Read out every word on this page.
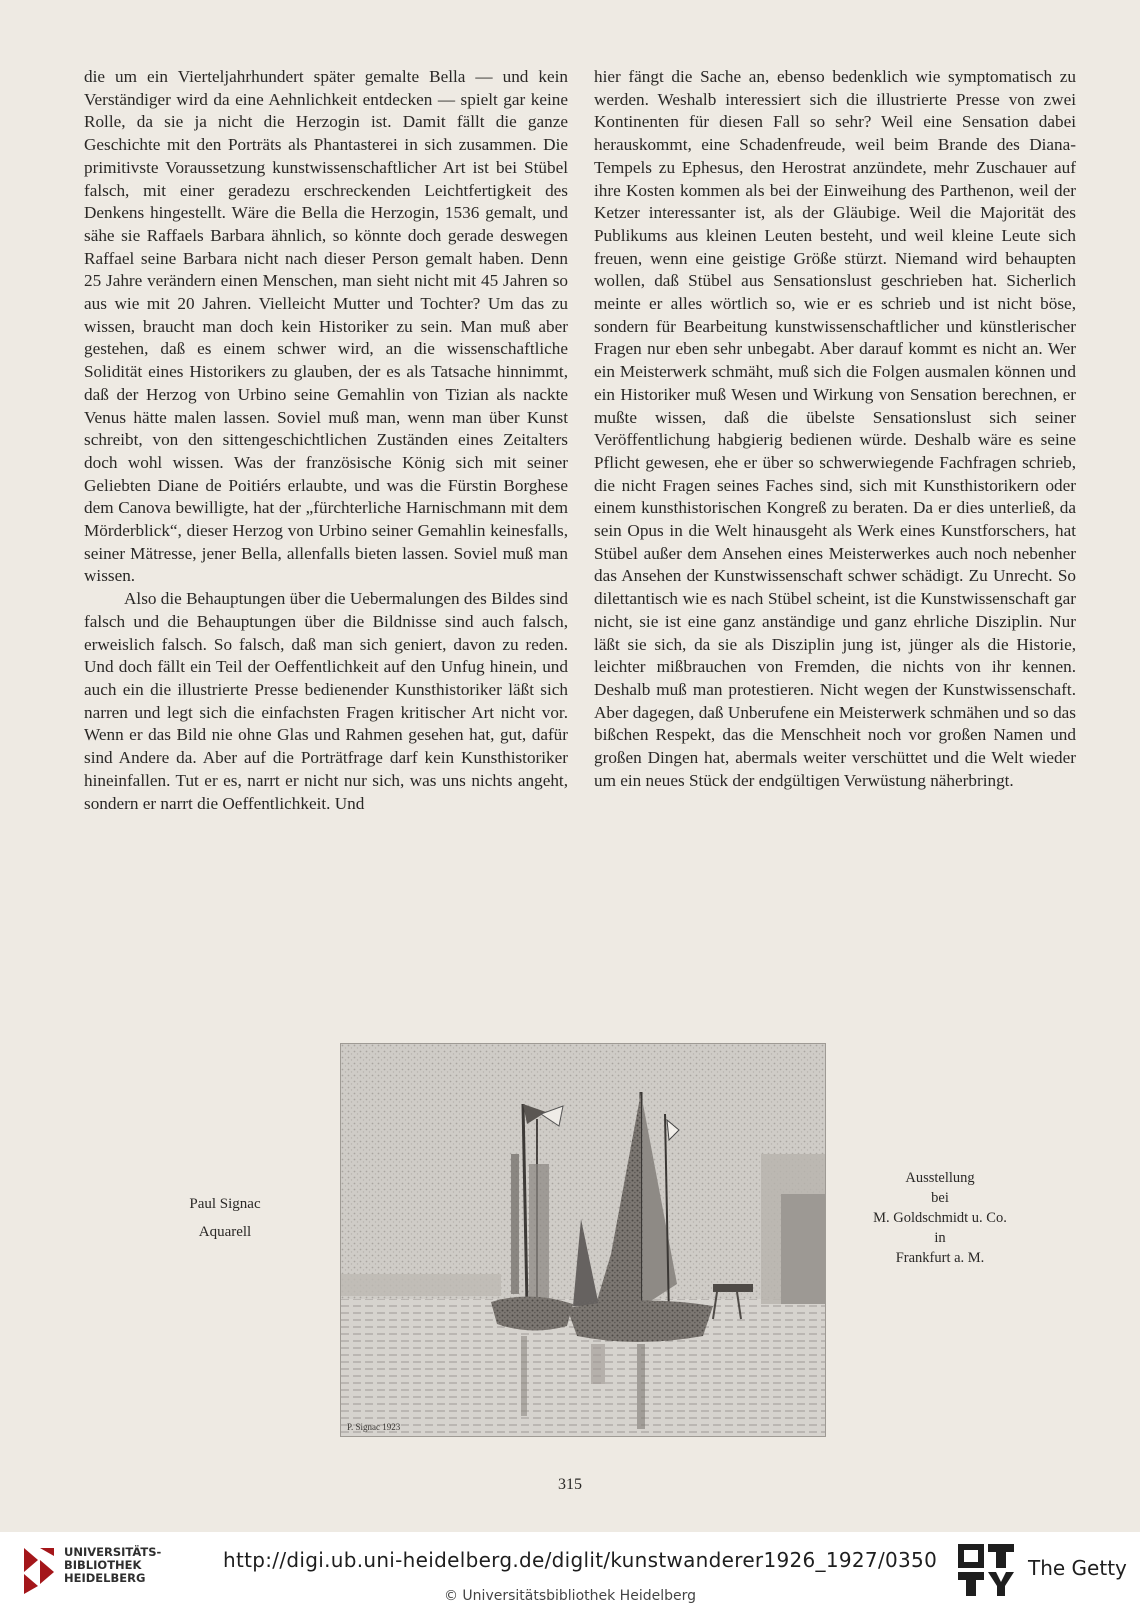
die um ein Vierteljahrhundert später gemalte Bella — und kein Verständiger wird da eine Aehnlichkeit entdecken — spielt gar keine Rolle, da sie ja nicht die Herzogin ist. Damit fällt die ganze Geschichte mit den Porträts als Phantasterei in sich zusammen. Die primitivste Voraussetzung kunstwissenschaftlicher Art ist bei Stübel falsch, mit einer geradezu erschreckenden Leichtfertigkeit des Denkens hingestellt. Wäre die Bella die Herzogin, 1536 gemalt, und sähe sie Raffaels Barbara ähnlich, so könnte doch gerade deswegen Raffael seine Barbara nicht nach dieser Person gemalt haben. Denn 25 Jahre verändern einen Menschen, man sieht nicht mit 45 Jahren so aus wie mit 20 Jahren. Vielleicht Mutter und Tochter? Um das zu wissen, braucht man doch kein Historiker zu sein. Man muß aber gestehen, daß es einem schwer wird, an die wissenschaftliche Solidität eines Historikers zu glauben, der es als Tatsache hinnimmt, daß der Herzog von Urbino seine Gemahlin von Tizian als nackte Venus hätte malen lassen. Soviel muß man, wenn man über Kunst schreibt, von den sittengeschichtlichen Zuständen eines Zeitalters doch wohl wissen. Was der französische König sich mit seiner Geliebten Diane de Poitiérs erlaubte, und was die Fürstin Borghese dem Canova bewilligte, hat der „fürchterliche Harnischmann mit dem Mörderblick“, dieser Herzog von Urbino seiner Gemahlin keinesfalls, seiner Mätresse, jener Bella, allenfalls bieten lassen. Soviel muß man wissen.

Also die Behauptungen über die Uebermalungen des Bildes sind falsch und die Behauptungen über die Bildnisse sind auch falsch, erweislich falsch. So falsch, daß man sich geniert, davon zu reden. Und doch fällt ein Teil der Oeffentlichkeit auf den Unfug hinein, und auch ein die illustrierte Presse bedienender Kunsthistoriker läßt sich narren und legt sich die einfachsten Fragen kritischer Art nicht vor. Wenn er das Bild nie ohne Glas und Rahmen gesehen hat, gut, dafür sind Andere da. Aber auf die Porträtfrage darf kein Kunsthistoriker hineinfallen. Tut er es, narrt er nicht nur sich, was uns nichts angeht, sondern er narrt die Oeffentlichkeit. Und

hier fängt die Sache an, ebenso bedenklich wie symptomatisch zu werden. Weshalb interessiert sich die illustrierte Presse von zwei Kontinenten für diesen Fall so sehr? Weil eine Sensation dabei herauskommt, eine Schadenfreude, weil beim Brande des Diana-Tempels zu Ephesus, den Herostrat anzündete, mehr Zuschauer auf ihre Kosten kommen als bei der Einweihung des Parthenon, weil der Ketzer interessanter ist, als der Gläubige. Weil die Majorität des Publikums aus kleinen Leuten besteht, und weil kleine Leute sich freuen, wenn eine geistige Größe stürzt. Niemand wird behaupten wollen, daß Stübel aus Sensationslust geschrieben hat. Sicherlich meinte er alles wörtlich so, wie er es schrieb und ist nicht böse, sondern für Bearbeitung kunstwissenschaftlicher und künstlerischer Fragen nur eben sehr unbegabt. Aber darauf kommt es nicht an. Wer ein Meisterwerk schmäht, muß sich die Folgen ausmalen können und ein Historiker muß Wesen und Wirkung von Sensation berechnen, er mußte wissen, daß die übelste Sensationslust sich seiner Veröffentlichung habgierig bedienen würde. Deshalb wäre es seine Pflicht gewesen, ehe er über so schwerwiegende Fachfragen schrieb, die nicht Fragen seines Faches sind, sich mit Kunsthistorikern oder einem kunsthistorischen Kongreß zu beraten. Da er dies unterließ, da sein Opus in die Welt hinausgeht als Werk eines Kunstforschers, hat Stübel außer dem Ansehen eines Meisterwerkes auch noch nebenher das Ansehen der Kunstwissenschaft schwer schädigt. Zu Unrecht. So dilettantisch wie es nach Stübel scheint, ist die Kunstwissenschaft gar nicht, sie ist eine ganz anständige und ganz ehrliche Disziplin. Nur läßt sie sich, da sie als Disziplin jung ist, jünger als die Historie, leichter mißbrauchen von Fremden, die nichts von ihr kennen. Deshalb muß man protestieren. Nicht wegen der Kunstwissenschaft. Aber dagegen, daß Unberufene ein Meisterwerk schmähen und so das bißchen Respekt, das die Menschheit noch vor großen Namen und großen Dingen hat, abermals weiter verschüttet und die Welt wieder um ein neues Stück der endgültigen Verwüstung näherbringt.

Paul Signac
Aquarell
P. Signac 1923
Ausstellung
bei
M. Goldschmidt u. Co.
in
Frankfurt a. M.
315
UNIVERSITÄTS-
BIBLIOTHEK
HEIDELBERG
http://digi.ub.uni-heidelberg.de/diglit/kunstwanderer1926_1927/0350
© Universitätsbibliothek Heidelberg
The Getty
